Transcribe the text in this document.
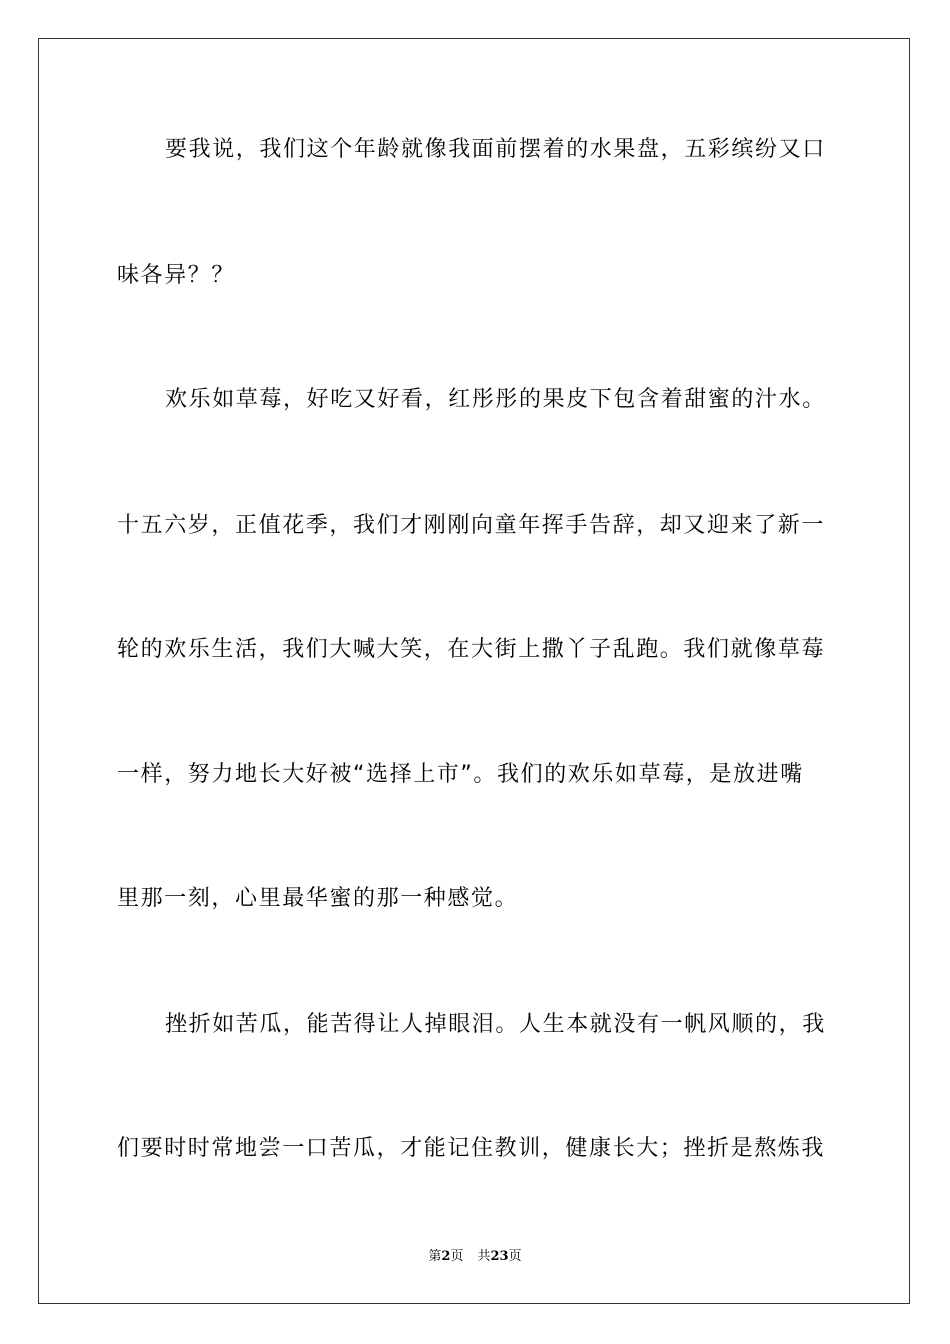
要我说，我们这个年龄就像我面前摆着的水果盘，五彩缤纷又口
味各异？？
欢乐如草莓，好吃又好看，红彤彤的果皮下包含着甜蜜的汁水。
十五六岁，正值花季，我们才刚刚向童年挥手告辞，却又迎来了新一
轮的欢乐生活，我们大喊大笑，在大街上撒丫子乱跑。我们就像草莓
一样，努力地长大好被“选择上市”。我们的欢乐如草莓，是放进嘴
里那一刻，心里最华蜜的那一种感觉。
挫折如苦瓜，能苦得让人掉眼泪。人生本就没有一帆风顺的，我
们要时时常地尝一口苦瓜，才能记住教训，健康长大；挫折是熬炼我
第2页 共23页
